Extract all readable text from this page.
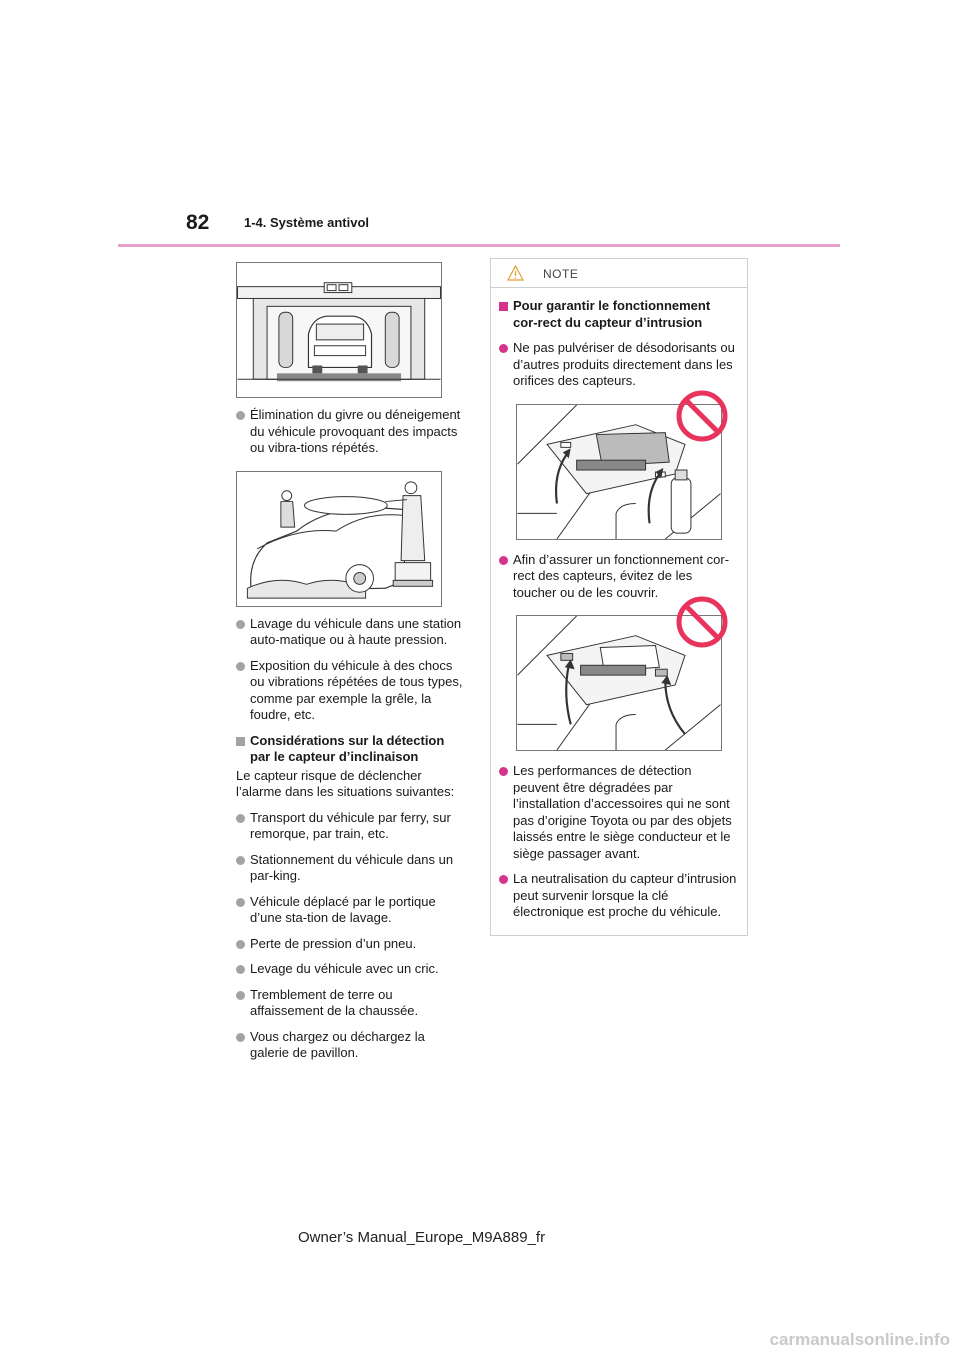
82	1-4. Système antivol
Élimination du givre ou déneigement du véhicule provoquant des impacts ou vibra-tions répétés.
Lavage du véhicule dans une station auto-matique ou à haute pression.
Exposition du véhicule à des chocs ou vibrations répétées de tous types, comme par exemple la grêle, la foudre, etc.
Considérations sur la détection par le capteur d’inclinaison
Le capteur risque de déclencher l’alarme dans les situations suivantes:
Transport du véhicule par ferry, sur remorque, par train, etc.
Stationnement du véhicule dans un par-king.
Véhicule déplacé par le portique d’une sta-tion de lavage.
Perte de pression d’un pneu.
Levage du véhicule avec un cric.
Tremblement de terre ou affaissement de la chaussée.
Vous chargez ou déchargez la galerie de pavillon.
NOTE
Pour garantir le fonctionnement cor-rect du capteur d’intrusion
Ne pas pulvériser de désodorisants ou d’autres produits directement dans les orifices des capteurs.
Afin d’assurer un fonctionnement cor-rect des capteurs, évitez de les toucher ou de les couvrir.
Les performances de détection peuvent être dégradées par l’installation d’accessoires qui ne sont pas d’origine Toyota ou par des objets laissés entre le siège conducteur et le siège passager avant.
La neutralisation du capteur d’intrusion peut survenir lorsque la clé électronique est proche du véhicule.
Owner’s Manual_Europe_M9A889_fr
carmanualsonline.info
